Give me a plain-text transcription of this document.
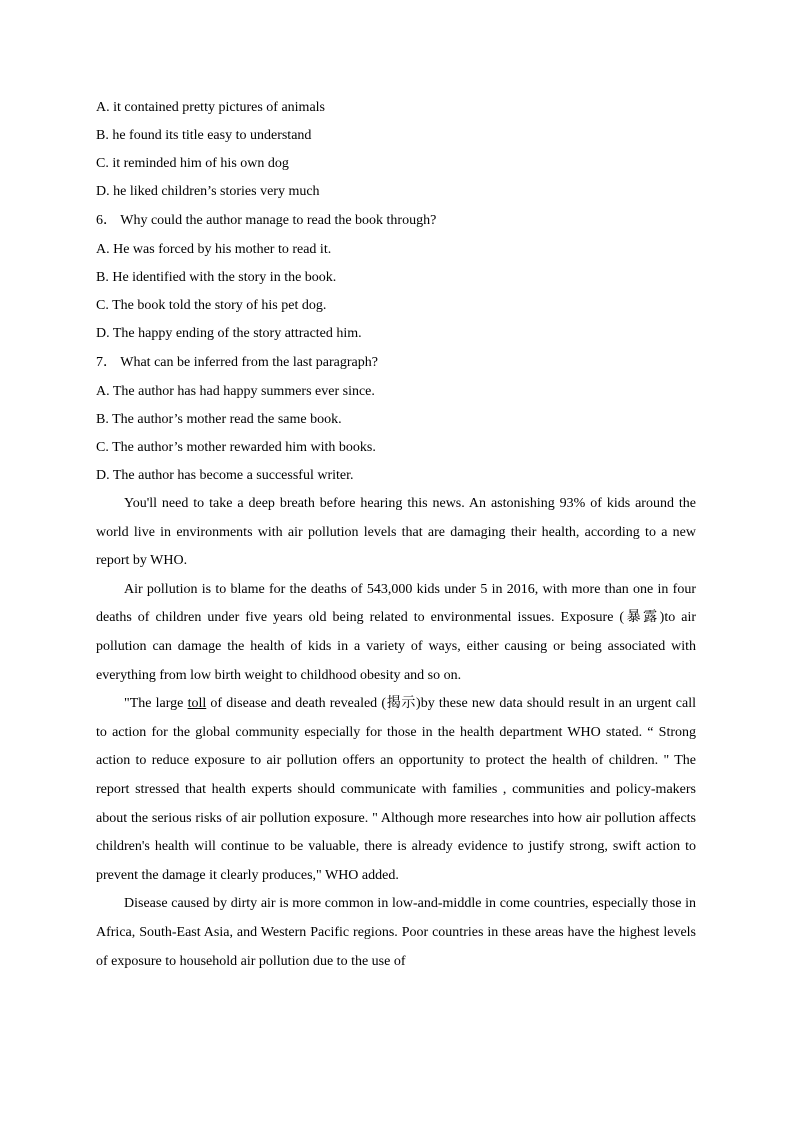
A. it contained pretty pictures of animals
B. he found its title easy to understand
C. it reminded him of his own dog
D. he liked children’s stories very much
6． Why could the author manage to read the book through?
A. He was forced by his mother to read it.
B. He identified with the story in the book.
C. The book told the story of his pet dog.
D. The happy ending of the story attracted him.
7． What can be inferred from the last paragraph?
A. The author has had happy summers ever since.
B. The author’s mother read the same book.
C. The author’s mother rewarded him with books.
D. The author has become a successful writer.

You'll need to take a deep breath before hearing this news. An astonishing 93% of kids around the world live in environments with air pollution levels that are damaging their health, according to a new report by WHO.

Air pollution is to blame for the deaths of 543,000 kids under 5 in 2016, with more than one in four deaths of children under five years old being related to environmental issues. Exposure (暴露)to air pollution can damage the health of kids in a variety of ways, either causing or being associated with everything from low birth weight to childhood obesity and so on.

"The large toll of disease and death revealed (揭示)by these new data should result in an urgent call to action for the global community especially for those in the health department WHO stated. “ Strong action to reduce exposure to air pollution offers an opportunity to protect the health of children. " The report stressed that health experts should communicate with families , communities and policy-makers about the serious risks of air pollution exposure. " Although more researches into how air pollution affects children's health will continue to be valuable, there is already evidence to justify strong, swift action to prevent the damage it clearly produces," WHO added.

Disease caused by dirty air is more common in low-and-middle in come countries, especially those in Africa, South-East Asia, and Western Pacific regions. Poor countries in these areas have the highest levels of exposure to household air pollution due to the use of
